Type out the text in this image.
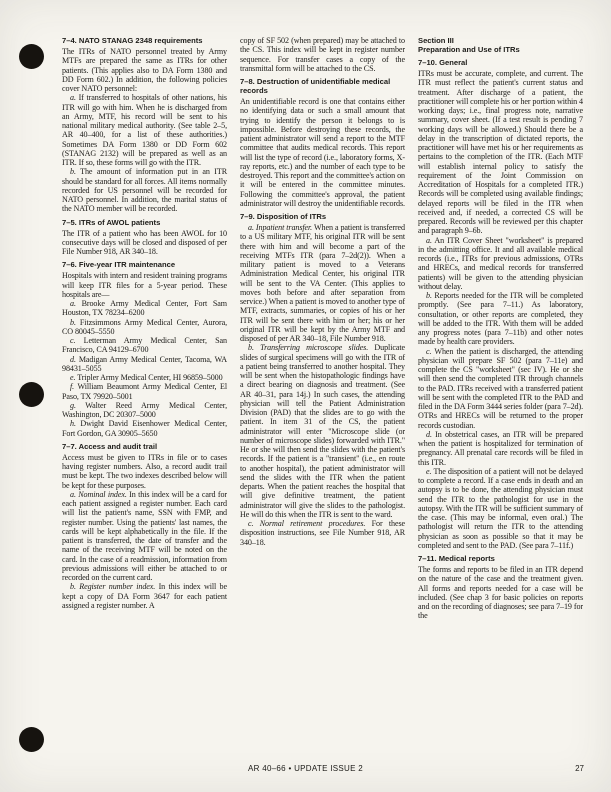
7–4. NATO STANAG 2348 requirements

The ITRs of NATO personnel treated by Army MTFs are prepared the same as ITRs for other patients. (This applies also to DA Form 1380 and DD Form 602.) In addition, the following policies cover NATO personnel:

a. If transferred to hospitals of other nations, his ITR will go with him. When he is discharged from an Army, MTF, his record will be sent to his national military medical authority. (See table 2–5, AR 40–400, for a list of these authorities.) Sometimes DA Form 1380 or DD Form 602 (STANAG 2132) will be prepared as well as an ITR. If so, these forms will go with the ITR.

b. The amount of information put in an ITR should be standard for all forces. All items normally recorded for US personnel will be recorded for NATO personnel. In addition, the marital status of the NATO member will be recorded.

7–5. ITRs of AWOL patients

The ITR of a patient who has been AWOL for 10 consecutive days will be closed and disposed of per File Number 918, AR 340–18.

7–6. Five-year ITR maintenance

Hospitals with intern and resident training programs will keep ITR files for a 5-year period. These hospitals are—

a. Brooke Army Medical Center, Fort Sam Houston, TX 78234–6200

b. Fitzsimmons Army Medical Center, Aurora, CO 80045–5550

c. Letterman Army Medical Center, San Francisco, CA 94129–6700

d. Madigan Army Medical Center, Tacoma, WA 98431–5055

e. Tripler Army Medical Center, HI 96859–5000

f. William Beaumont Army Medical Center, El Paso, TX 79920–5001

g. Walter Reed Army Medical Center, Washington, DC 20307–5000

h. Dwight David Eisenhower Medical Center, Fort Gordon, GA 30905–5650

7–7. Access and audit trail

Access must be given to ITRs in file or to cases having register numbers. Also, a record audit trail must be kept. The two indexes described below will be kept for these purposes.

a. Nominal index. In this index will be a card for each patient assigned a register number. Each card will list the patient's name, SSN with FMP, and register number. Using the patients' last names, the cards will be kept alphabetically in the file. If the patient is transferred, the date of transfer and the name of the receiving MTF will be noted on the card. In the case of a readmission, information from previous admissions will either be attached to or recorded on the current card.

b. Register number index. In this index will be kept a copy of DA Form 3647 for each patient assigned a register number. A

copy of SF 502 (when prepared) may be attached to the CS. This index will be kept in register number sequence. For transfer cases a copy of the transmittal form will be attached to the CS.

7–8. Destruction of unidentifiable medical records

An unidentifiable record is one that contains either no identifying data or such a small amount that trying to identify the person it belongs to is impossible. Before destroying these records, the patient administrator will send a report to the MTF committee that audits medical records. This report will list the type of record (i.e., laboratory forms, X-ray reports, etc.) and the number of each type to be destroyed. This report and the committee's action on it will be entered in the committee minutes. Following the committee's approval, the patient administrator will destroy the unidentifiable records.

7–9. Disposition of ITRs

a. Inpatient transfer. When a patient is transferred to a US military MTF, his original ITR will be sent there with him and will become a part of the receiving MTFs ITR (para 7–2d(2)). When a military patient is moved to a Veterans Administration Medical Center, his original ITR will be sent to the VA Center. (This applies to moves both before and after separation from service.) When a patient is moved to another type of MTF, extracts, summaries, or copies of his or her ITR will be sent there with him or her; his or her original ITR will be kept by the Army MTF and disposed of per AR 340–18, File Number 918.

b. Transferring microscope slides. Duplicate slides of surgical specimens will go with the ITR of a patient being transferred to another hospital. They will be sent when the histopathologic findings have a direct bearing on diagnosis and treatment. (See AR 40–31, para 14j.) In such cases, the attending physician will tell the Patient Administration Division (PAD) that the slides are to go with the patient. In item 31 of the CS, the patient administrator will enter "Microscope slide (or number of microscope slides) forwarded with ITR." He or she will then send the slides with the patient's records. If the patient is a "transient" (i.e., en route to another hospital), the patient administrator will send the slides with the ITR when the patient departs. When the patient reaches the hospital that will give definitive treatment, the patient administrator will give the slides to the pathologist. He will do this when the ITR is sent to the ward.

c. Normal retirement procedures. For these disposition instructions, see File Number 918, AR 340–18.

Section III
Preparation and Use of ITRs
7–10. General

ITRs must be accurate, complete, and current. The ITR must reflect the patient's current status and treatment. After discharge of a patient, the practitioner will complete his or her portion within 4 working days; i.e., final progress note, narrative summary, cover sheet. (If a test result is pending 7 working days will be allowed.) Should there be a delay in the transcription of dictated reports, the practitioner will have met his or her requirements as pertains to the completion of the ITR. (Each MTF will establish internal policy to satisfy the requirement of the Joint Commission on Accreditation of Hospitals for a completed ITR.) Records will be completed using available findings; delayed reports will be filed in the ITR when received and, if needed, a corrected CS will be prepared. Records will be reviewed per this chapter and paragraph 9–6b.

a. An ITR Cover Sheet "worksheet" is prepared in the admitting office. It and all available medical records (i.e., ITRs for previous admissions, OTRs and HRECs, and medical records for transferred patients) will be given to the attending physician without delay.

b. Reports needed for the ITR will be completed promptly. (See para 7–11.) As laboratory, consultation, or other reports are completed, they will be added to the ITR. With them will be added any progress notes (para 7–11b) and other notes made by health care providers.

c. When the patient is discharged, the attending physician will prepare SF 502 (para 7–11e) and complete the CS "worksheet" (sec IV). He or she will then send the completed ITR through channels to the PAD. ITRs received with a transferred patient will be sent with the completed ITR to the PAD and filed in the DA Form 3444 series folder (para 7–2d). OTRs and HRECs will be returned to the proper records custodian.

d. In obstetrical cases, an ITR will be prepared when the patient is hospitalized for termination of pregnancy. All prenatal care records will be filed in this ITR.

e. The disposition of a patient will not be delayed to complete a record. If a case ends in death and an autopsy is to be done, the attending physician must send the ITR to the pathologist for use in the autopsy. With the ITR will be sufficient summary of the case. (This may be informal, even oral.) The pathologist will return the ITR to the attending physician as soon as possible so that it may be completed and sent to the PAD. (See para 7–11f.)

7–11. Medical reports

The forms and reports to be filed in an ITR depend on the nature of the case and the treatment given. All forms and reports needed for a case will be included. (See chap 3 for basic policies on reports and on the recording of diagnoses; see para 7–19 for the

AR 40–66 • UPDATE ISSUE 2	27
